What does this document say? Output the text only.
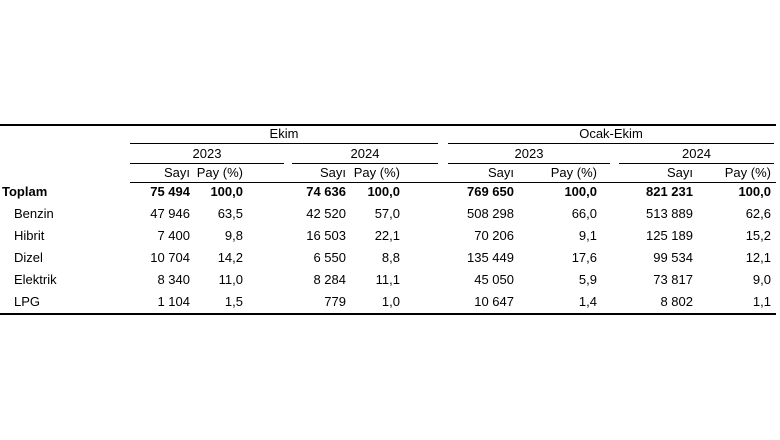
Ekim	Ocak-Ekim
2023	2024	2023	2024
Sayı Pay (%)	Sayı Pay (%)	Sayı	Pay (%)	Sayı	Pay (%)
Toplam	75 494	100,0	74 636	100,0	769 650	100,0	821 231	100,0
Benzin	47 946	63,5	42 520	57,0	508 298	66,0	513 889	62,6
Hibrit	7 400	9,8	16 503	22,1	70 206	9,1	125 189	15,2
Dizel	10 704	14,2	6 550	8,8	135 449	17,6	99 534	12,1
Elektrik	8 340	11,0	8 284	11,1	45 050	5,9	73 817	9,0
LPG	1 104	1,5	779	1,0	10 647	1,4	8 802	1,1
